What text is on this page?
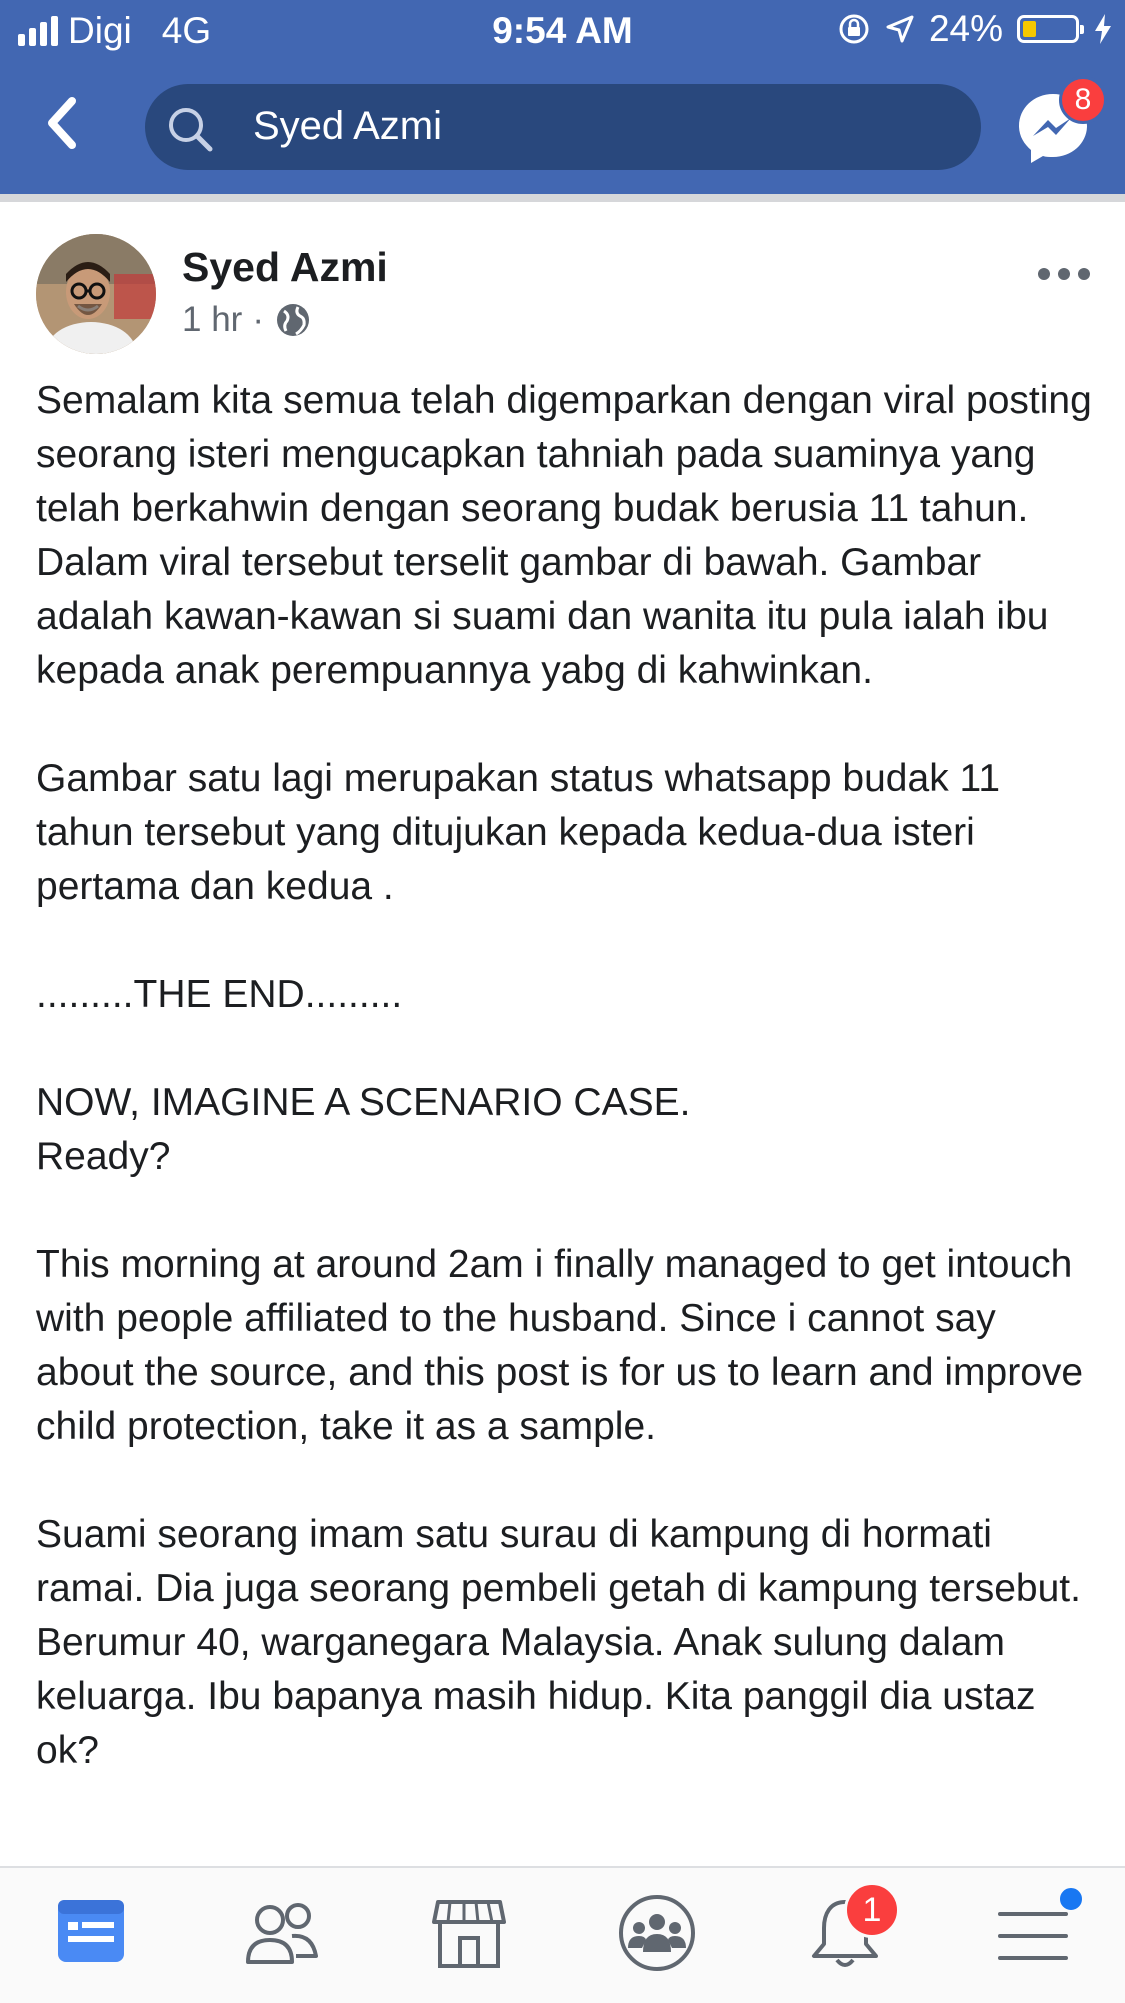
Digi 4G	9:54 AM	24%
Syed Azmi
8
Syed Azmi
1 hr ·

Semalam kita semua telah digemparkan dengan viral posting seorang isteri mengucapkan tahniah pada suaminya yang telah berkahwin dengan seorang budak berusia 11 tahun. Dalam viral tersebut terselit gambar di bawah. Gambar adalah kawan-kawan si suami dan wanita itu pula ialah ibu kepada anak perempuannya yabg di kahwinkan.

Gambar satu lagi merupakan status whatsapp budak 11 tahun tersebut yang ditujukan kepada kedua-dua isteri pertama dan kedua .

.........THE END.........

NOW, IMAGINE A SCENARIO CASE.
Ready?

This morning at around 2am i finally managed to get intouch with people affiliated to the husband. Since i cannot say about the source, and this post is for us to learn and improve child protection, take it as a sample.

Suami seorang imam satu surau di kampung di hormati ramai. Dia juga seorang pembeli getah di kampung tersebut. Berumur 40, warganegara Malaysia. Anak sulung dalam keluarga. Ibu bapanya masih hidup. Kita panggil dia ustaz ok?

1
